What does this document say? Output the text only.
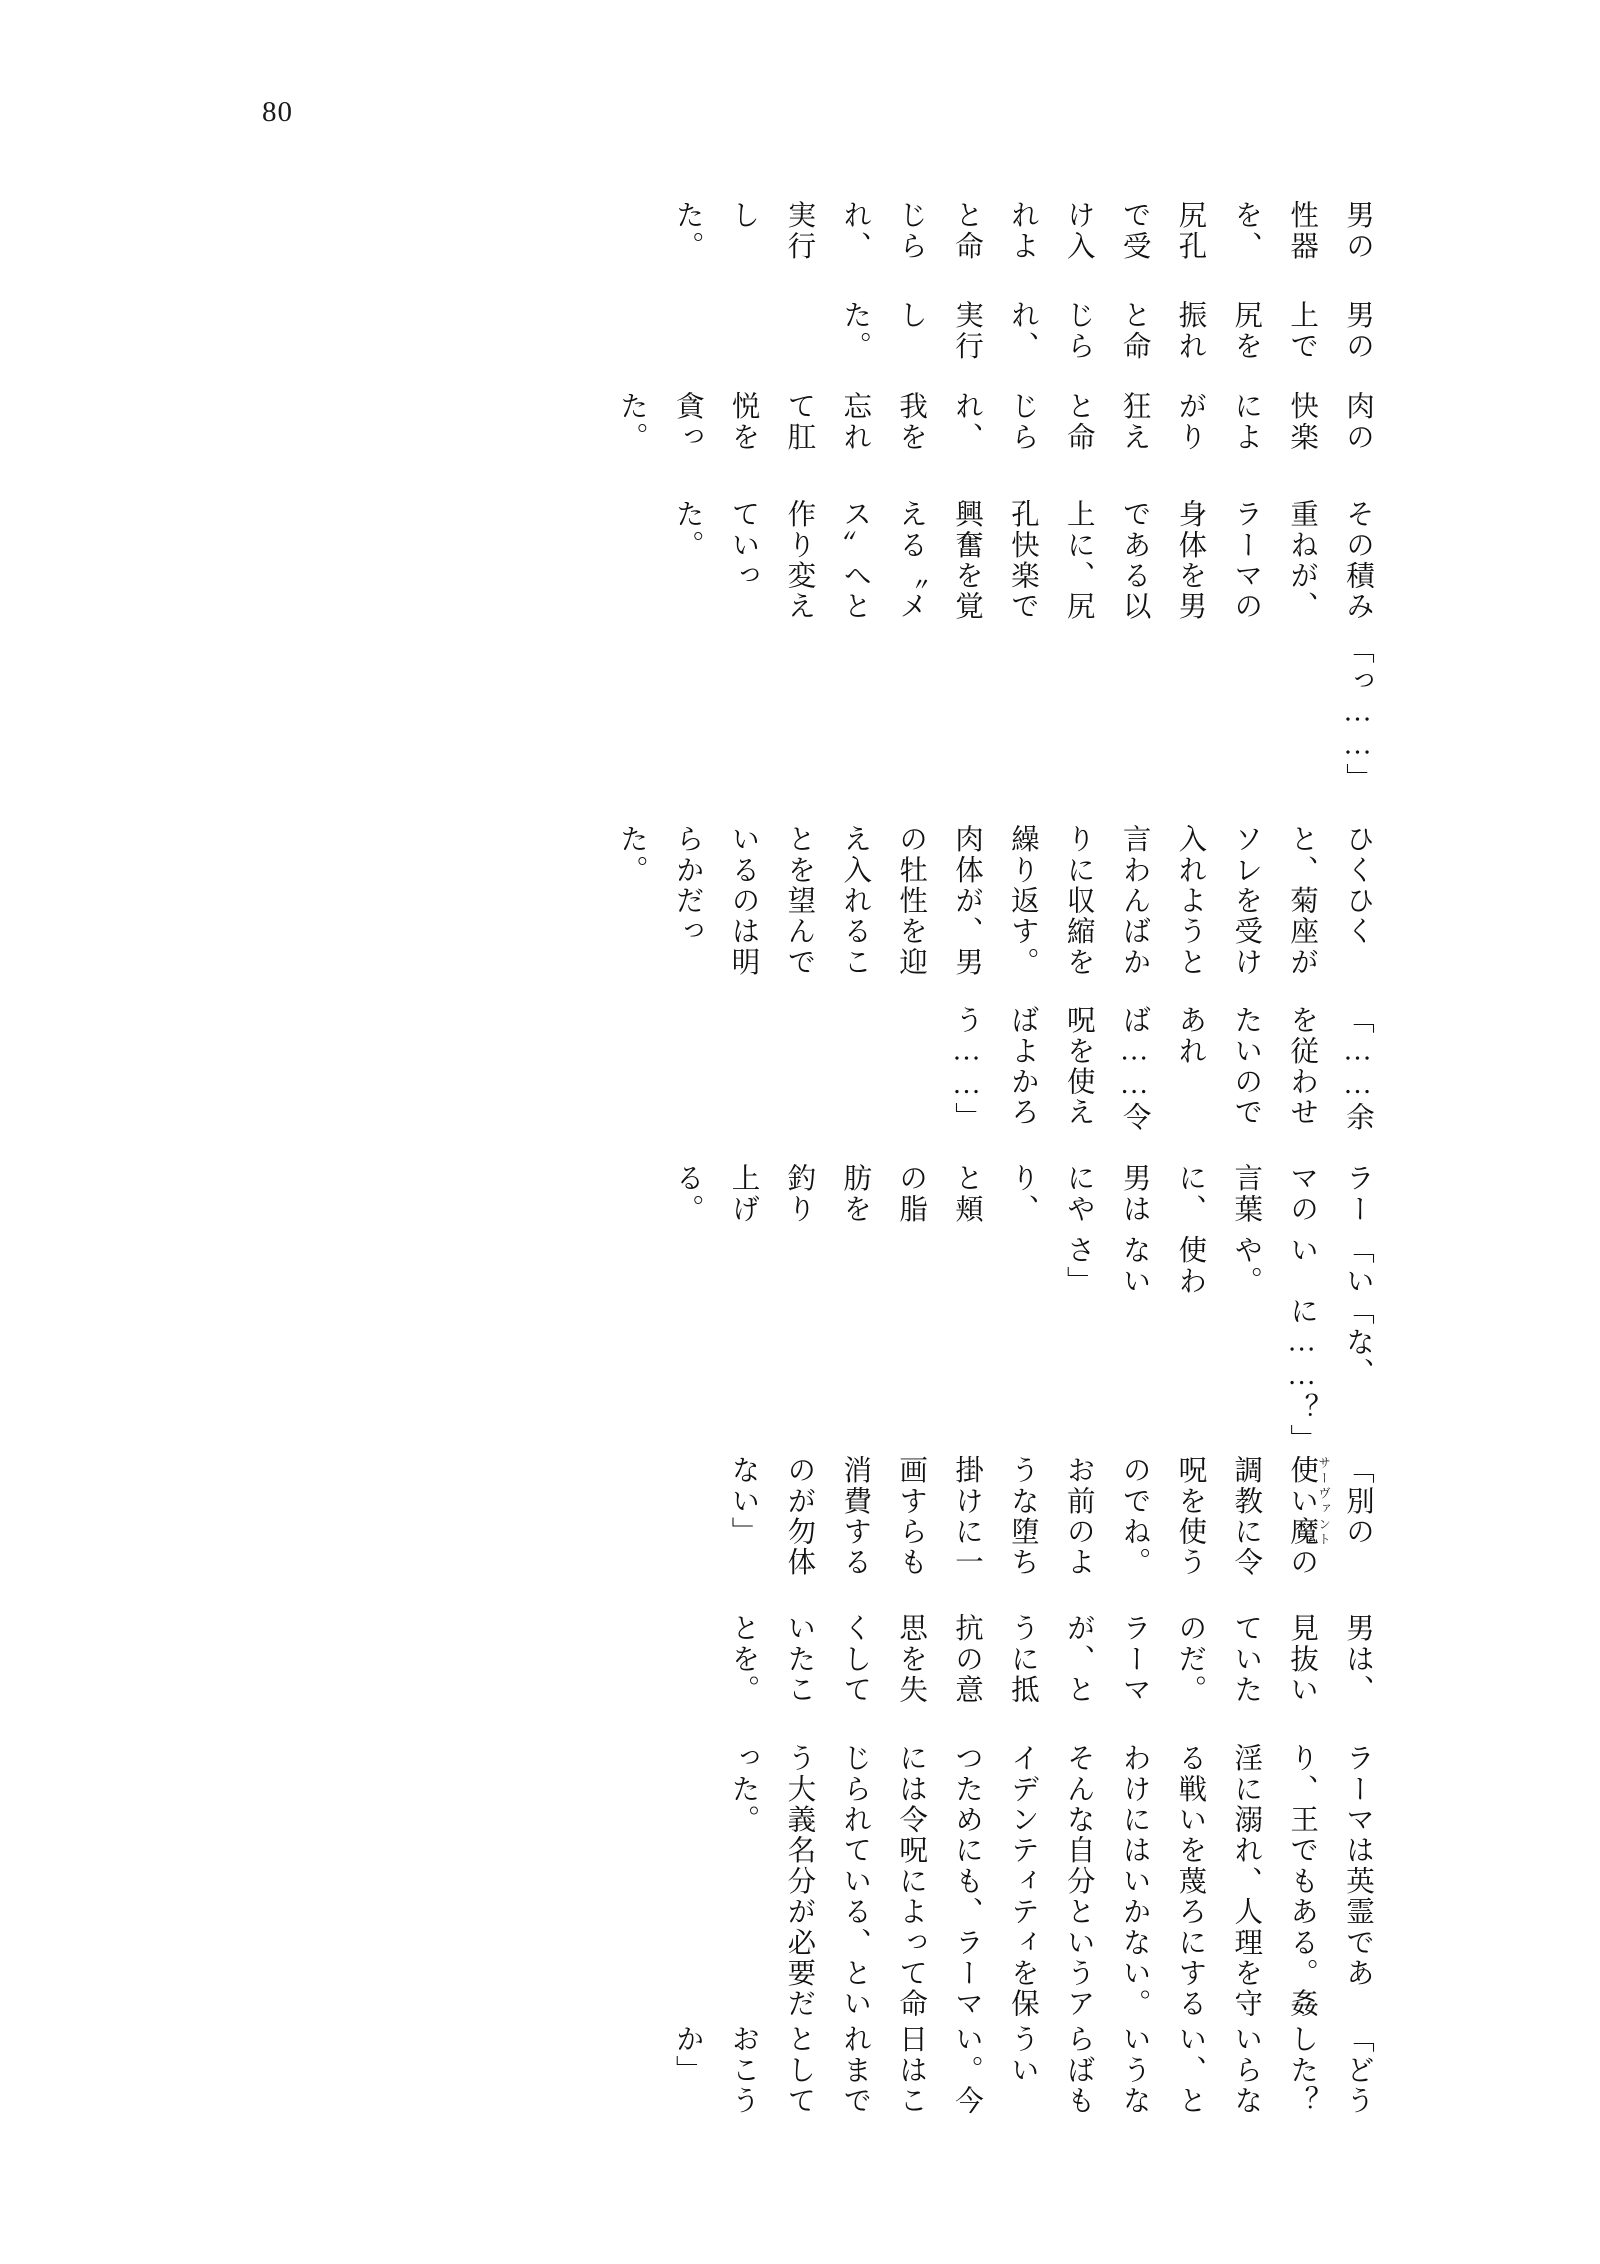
80
男の性器を、尻孔で受け入れよと命じられ、実行した。
男の上で尻を振れと命じられ、実行した。
肉の快楽によがり狂えと命じられ、我を忘れて肛悦を貪った。
その積み重ねが、ラーマの身体を男である以上に、尻孔快楽で興奮を覚える〝メス〟へと作り変えていった。
「っ……」
ひくひくと、菊座がソレを受け入れようと言わんばかりに収縮を繰り返す。肉体が、男の牡性を迎え入れることを望んでいるのは明らかだった。
「……余を従わせたいのであれば……令呪を使えばよかろう……」
ラーマの言葉に、男はにやり、と頬の脂肪を釣り上げる。
「いいや。使わないさ」
「な、に……？」
「別の使い魔 サーヴァントの調教に令呪を使うのでね。お前のような堕ち掛けに一画すらも消費するのが勿体ない」
男は、見抜いていたのだ。ラーマが、とうに抵抗の意思を失くしていたことを。
ラーマは英霊であり、王でもある。姦淫に溺れ、人理を守る戦いを蔑ろにするわけにはいかない。そんな自分というアイデンティティを保つためにも、ラーマには令呪によって命じられている、という大義名分が必要だった。
「どうした？　いらない、というならばもういい。今日はこれまでとしておこうか」
